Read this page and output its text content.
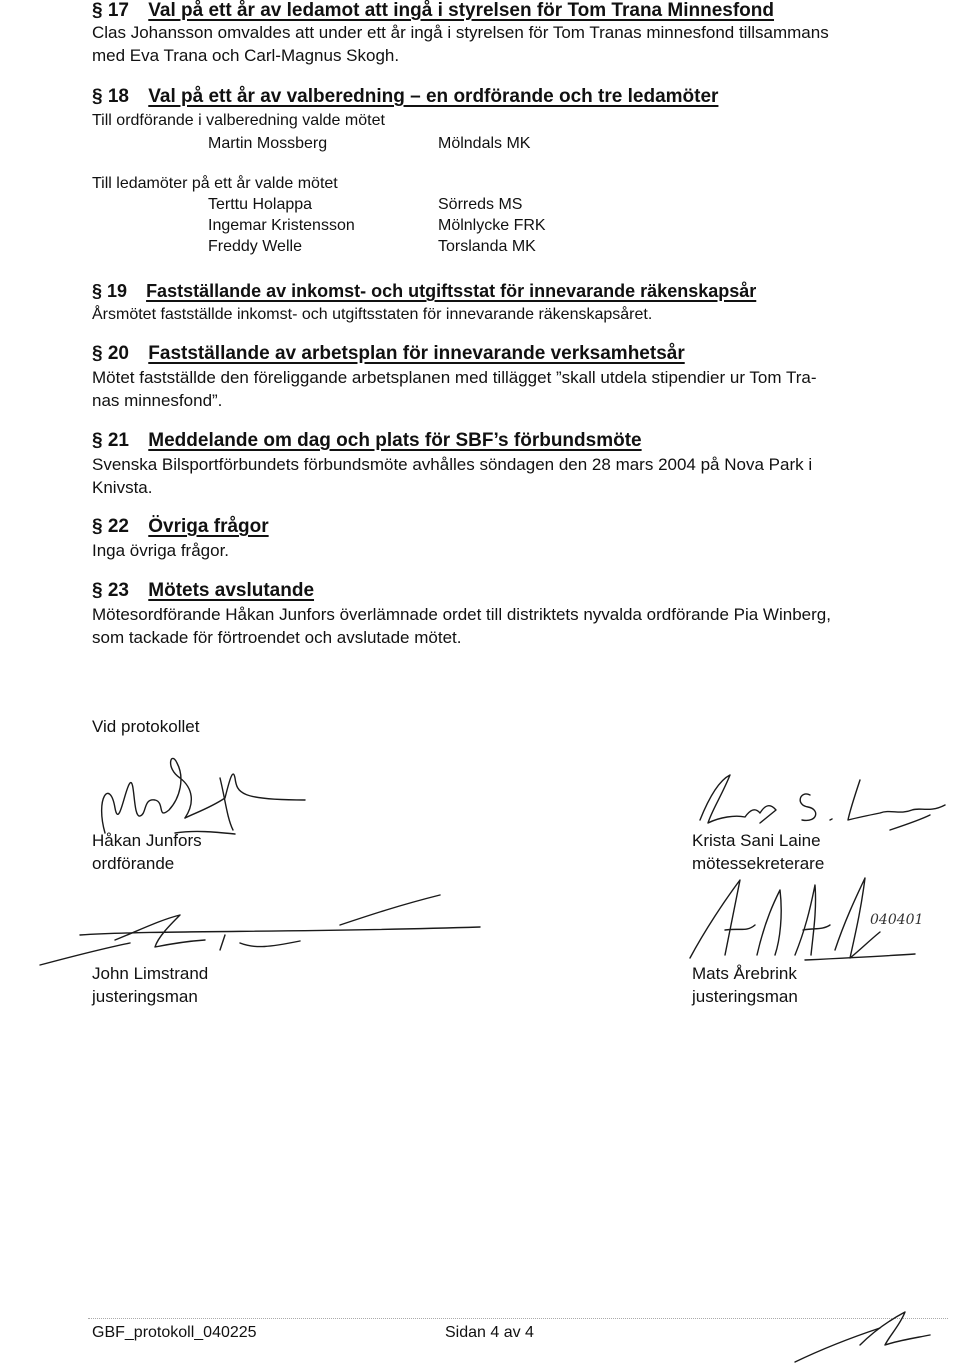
§ 17 Val på ett år av ledamot att ingå i styrelsen för Tom Trana Minnesfond
Clas Johansson omvaldes att under ett år ingå i styrelsen för Tom Tranas minnesfond tillsammans
med Eva Trana och Carl-Magnus Skogh.
§ 18 Val på ett år av valberedning – en ordförande och tre ledamöter
Till ordförande i valberedning valde mötet
Martin Mossberg	Mölndals MK
Till ledamöter på ett år valde mötet
Terttu Holappa	Sörreds MS
Ingemar Kristensson	Mölnlycke FRK
Freddy Welle	Torslanda MK
§ 19 Fastställande av inkomst- och utgiftsstat för innevarande räkenskapsår
Årsmötet fastställde inkomst- och utgiftsstaten för innevarande räkenskapsåret.
§ 20 Fastställande av arbetsplan för innevarande verksamhetsår
Mötet fastställde den föreliggande arbetsplanen med tillägget ”skall utdela stipendier ur Tom Tra-
nas minnesfond”.
§ 21 Meddelande om dag och plats för SBF’s förbundsmöte
Svenska Bilsportförbundets förbundsmöte avhålles söndagen den 28 mars 2004 på Nova Park i
Knivsta.
§ 22 Övriga frågor
Inga övriga frågor.
§ 23 Mötets avslutande
Mötesordförande Håkan Junfors överlämnade ordet till distriktets nyvalda ordförande Pia Winberg,
som tackade för förtroendet och avslutade mötet.
Vid protokollet
Håkan Junfors
ordförande
Krista Sani Laine
mötessekreterare
John Limstrand
justeringsman
040401
Mats Årebrink
justeringsman
GBF_protokoll_040225	Sidan 4 av 4
